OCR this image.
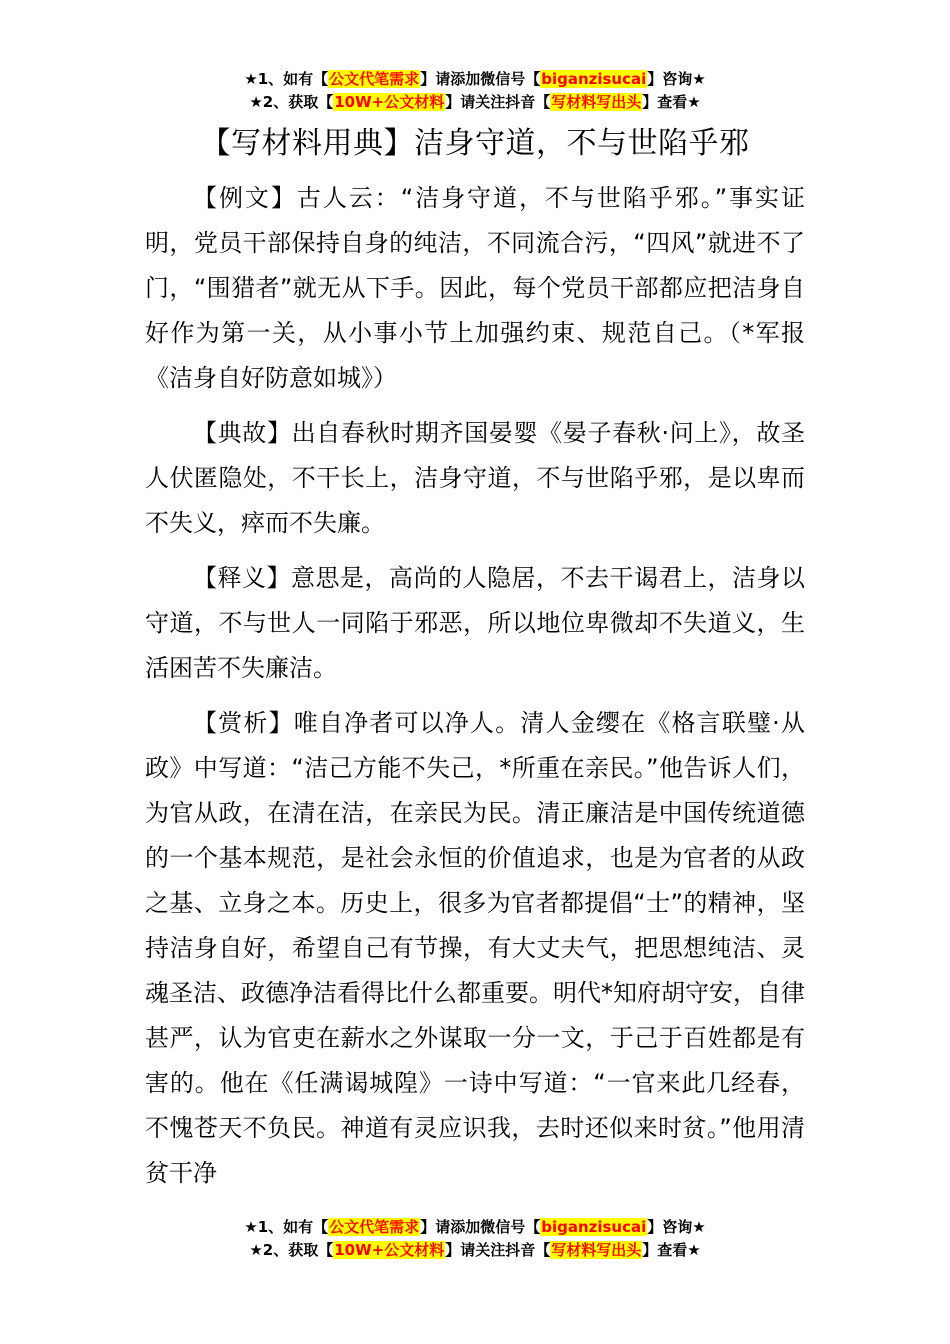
★1、如有【公文代笔需求】请添加微信号【biganzisucai】咨询★
★2、获取【10W+公文材料】请关注抖音【写材料写出头】查看★
【写材料用典】洁身守道，不与世陷乎邪

【例文】古人云：“洁身守道，不与世陷乎邪。”事实证明，党员干部保持自身的纯洁，不同流合污，“四风”就进不了门，“围猎者”就无从下手。因此，每个党员干部都应把洁身自好作为第一关，从小事小节上加强约束、规范自己。（*军报《洁身自好防意如城》）

【典故】出自春秋时期齐国晏婴《晏子春秋·问上》，故圣人伏匿隐处，不干长上，洁身守道，不与世陷乎邪，是以卑而不失义，瘁而不失廉。

【释义】意思是，高尚的人隐居，不去干谒君上，洁身以守道，不与世人一同陷于邪恶，所以地位卑微却不失道义，生活困苦不失廉洁。

【赏析】唯自净者可以净人。清人金缨在《格言联璧·从政》中写道：“洁己方能不失己，*所重在亲民。”他告诉人们，为官从政，在清在洁，在亲民为民。清正廉洁是中国传统道德的一个基本规范，是社会永恒的价值追求，也是为官者的从政之基、立身之本。历史上，很多为官者都提倡“士”的精神，坚持洁身自好，希望自己有节操，有大丈夫气，把思想纯洁、灵魂圣洁、政德净洁看得比什么都重要。明代*知府胡守安，自律甚严，认为官吏在薪水之外谋取一分一文，于己于百姓都是有害的。他在《任满谒城隍》一诗中写道：“一官来此几经春，不愧苍天不负民。神道有灵应识我，去时还似来时贫。”他用清贫干净

★1、如有【公文代笔需求】请添加微信号【biganzisucai】咨询★
★2、获取【10W+公文材料】请关注抖音【写材料写出头】查看★
